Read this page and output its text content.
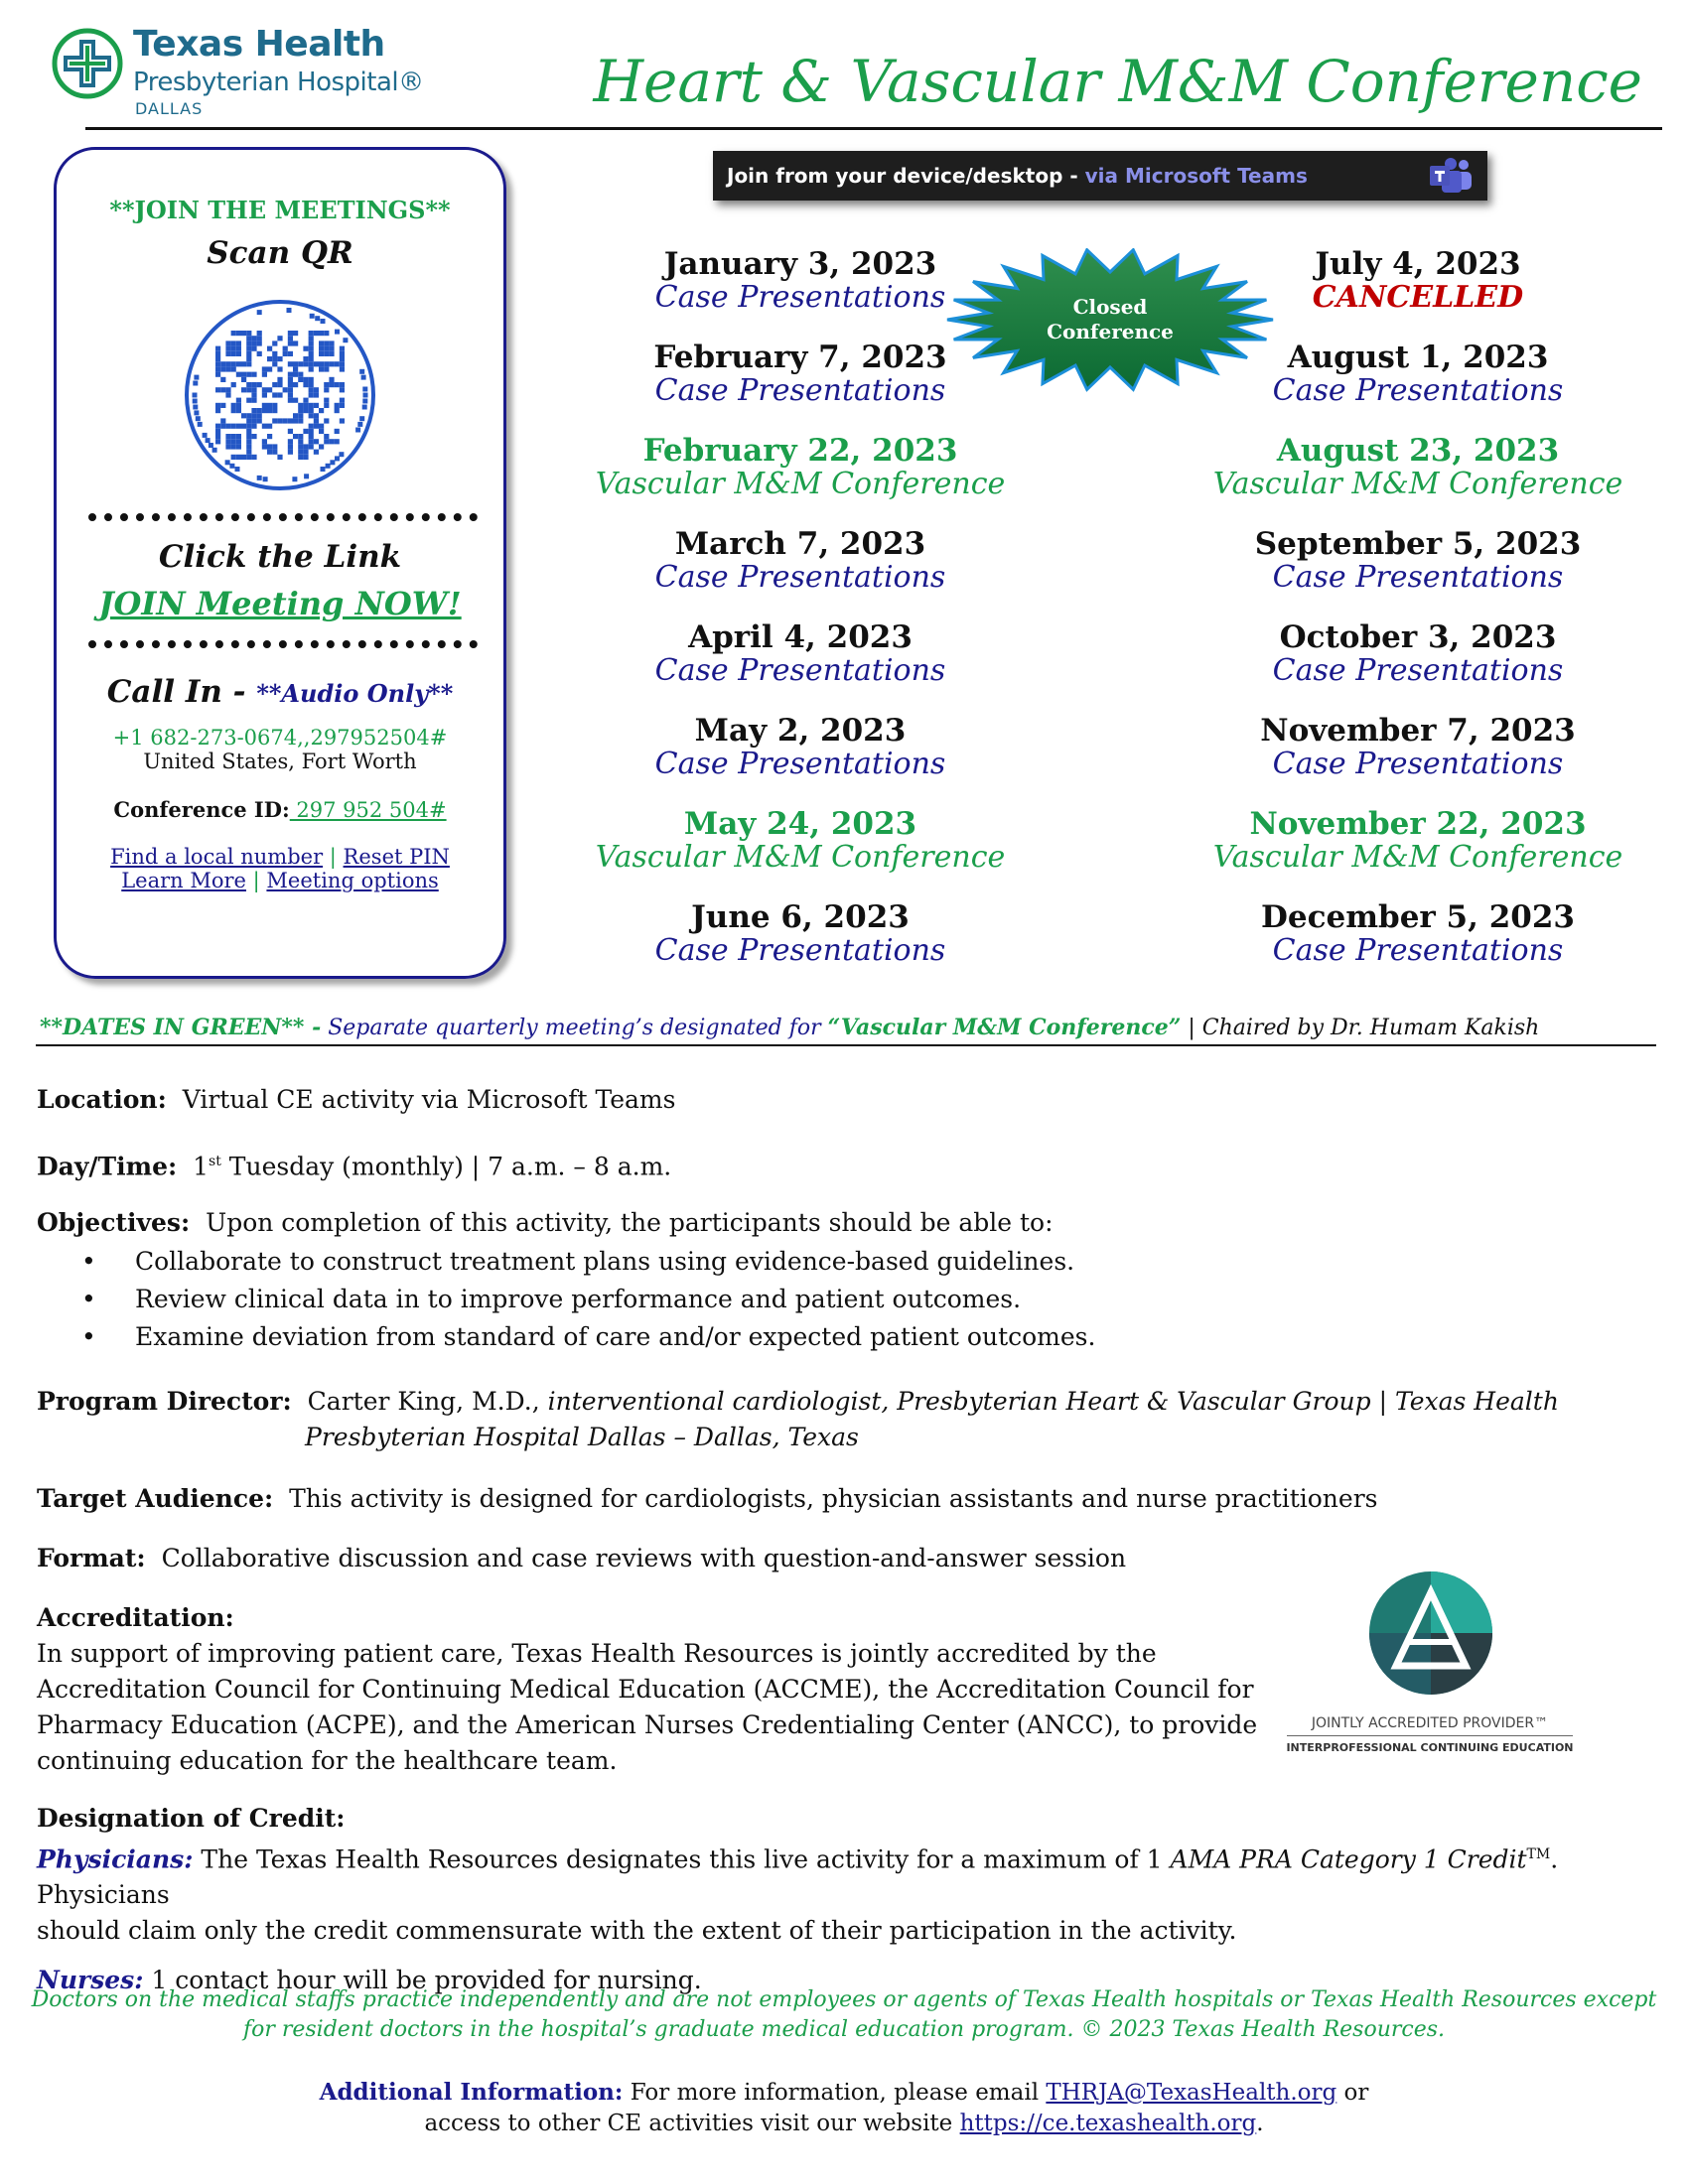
Texas Health
Presbyterian Hospital®
DALLAS	Heart & Vascular M&M Conference
**JOIN THE MEETINGS**
Scan QR
Click the Link
JOIN Meeting NOW!
Call In - **Audio Only**
+1 682-273-0674,,297952504#
United States, Fort Worth
Conference ID: 297 952 504#
Find a local number | Reset PIN
Learn More | Meeting options
Join from your device/desktop - via Microsoft Teams
Closed
Conference
January 3, 2023
Case Presentations
February 7, 2023
Case Presentations
February 22, 2023
Vascular M&M Conference
March 7, 2023
Case Presentations
April 4, 2023
Case Presentations
May 2, 2023
Case Presentations
May 24, 2023
Vascular M&M Conference
June 6, 2023
Case Presentations
July 4, 2023
CANCELLED
August 1, 2023
Case Presentations
August 23, 2023
Vascular M&M Conference
September 5, 2023
Case Presentations
October 3, 2023
Case Presentations
November 7, 2023
Case Presentations
November 22, 2023
Vascular M&M Conference
December 5, 2023
Case Presentations
**DATES IN GREEN** - Separate quarterly meeting’s designated for “Vascular M&M Conference” | Chaired by Dr. Humam Kakish
Location: Virtual CE activity via Microsoft Teams
Day/Time: 1st Tuesday (monthly) | 7 a.m. – 8 a.m.
Objectives: Upon completion of this activity, the participants should be able to:
• Collaborate to construct treatment plans using evidence-based guidelines.
• Review clinical data in to improve performance and patient outcomes.
• Examine deviation from standard of care and/or expected patient outcomes.
Program Director: Carter King, M.D., interventional cardiologist, Presbyterian Heart & Vascular Group | Texas Health
Presbyterian Hospital Dallas – Dallas, Texas
Target Audience: This activity is designed for cardiologists, physician assistants and nurse practitioners
Format: Collaborative discussion and case reviews with question-and-answer session
Accreditation:
In support of improving patient care, Texas Health Resources is jointly accredited by the
Accreditation Council for Continuing Medical Education (ACCME), the Accreditation Council for
Pharmacy Education (ACPE), and the American Nurses Credentialing Center (ANCC), to provide
continuing education for the healthcare team.
JOINTLY ACCREDITED PROVIDER™
INTERPROFESSIONAL CONTINUING EDUCATION
Designation of Credit:
Physicians: The Texas Health Resources designates this live activity for a maximum of 1 AMA PRA Category 1 Credit™. Physicians
should claim only the credit commensurate with the extent of their participation in the activity.
Nurses: 1 contact hour will be provided for nursing.
Doctors on the medical staffs practice independently and are not employees or agents of Texas Health hospitals or Texas Health Resources except
for resident doctors in the hospital’s graduate medical education program. © 2023 Texas Health Resources.
Additional Information: For more information, please email THRJA@TexasHealth.org or
access to other CE activities visit our website https://ce.texashealth.org.
